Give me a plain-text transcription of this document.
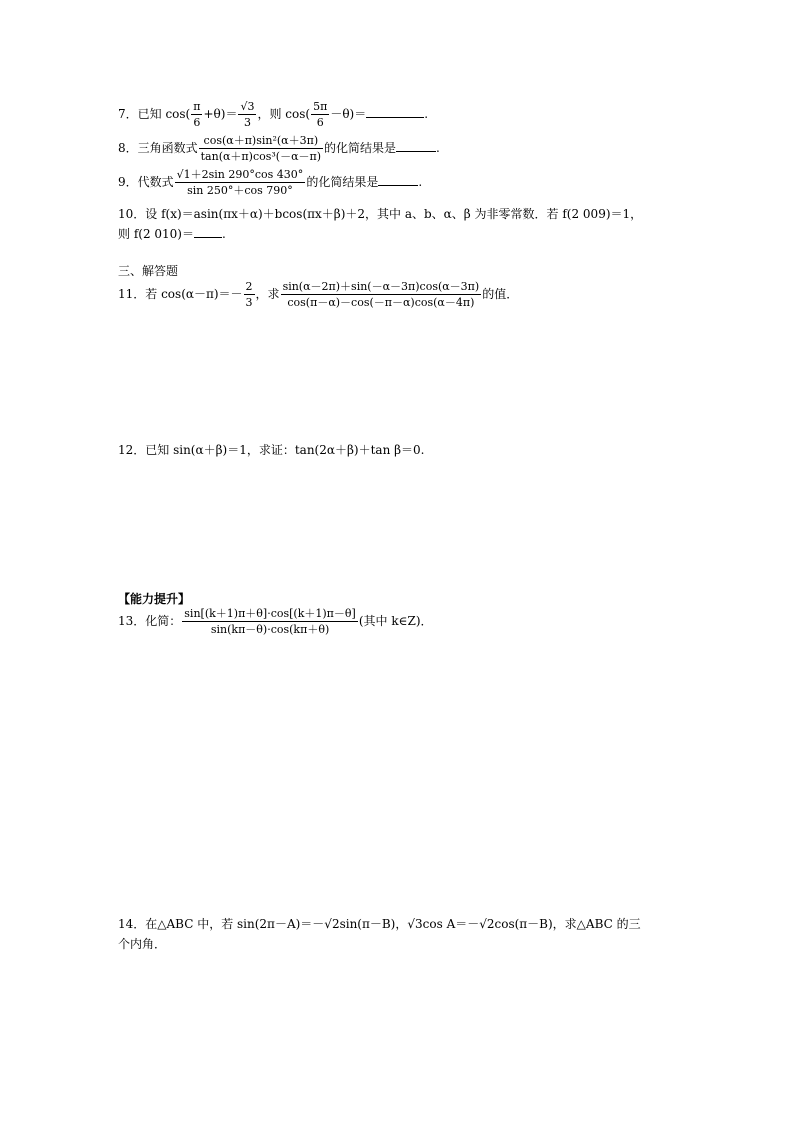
7．已知 $\cos( \frac{\pi}{6} +\theta)= \frac{√3}{3}$ ，则 $\cos( \frac{5\pi}{6} -\theta)=$	.
8．三角函数式 $\frac{\text{cos(α＋π)sin²(α＋3π)}}{\text{tan(α＋π)cos³(－α－π)}}$ 的化简结果是	.
9．代数式 $\frac{√1+2\sin 290^\circ\cos 430^\circ}{\sin 250^\circ+\cos 790^\circ}$ 的化简结果是	.
10．设 f(x)＝asin(πx＋α)＋bcos(πx＋β)＋2，其中 a、b、α、β 为非零常数．若 f(2 009)＝1，
则 f(2 010)＝ .
三、解答题
11．若 $\cos(\alpha-\pi)=- \frac{2}{3}$ ，求 $\frac{\sin(\alpha-2\pi)+\sin(-\alpha-3\pi)\cos(\alpha-3\pi)}{\cos(\pi-\alpha)-\cos(-\pi-\alpha)\cos(\alpha-4\pi)}$ 的值．
12．已知 sin(α＋β)＝1，求证：tan(2α＋β)＋tan β＝0.
【能力提升】
13．化简： $\frac{\sin[(k+1)\pi+\theta]\cdot\cos[(k+1)\pi-\theta]}{\sin(k\pi-\theta)\cdot\cos(k\pi+\theta)}$ (其中 k∈Z)．
14．在△ABC 中，若 sin(2π－A)＝－√2sin(π－B)，√3cos A＝－√2cos(π－B)，求△ABC 的三
个内角．
